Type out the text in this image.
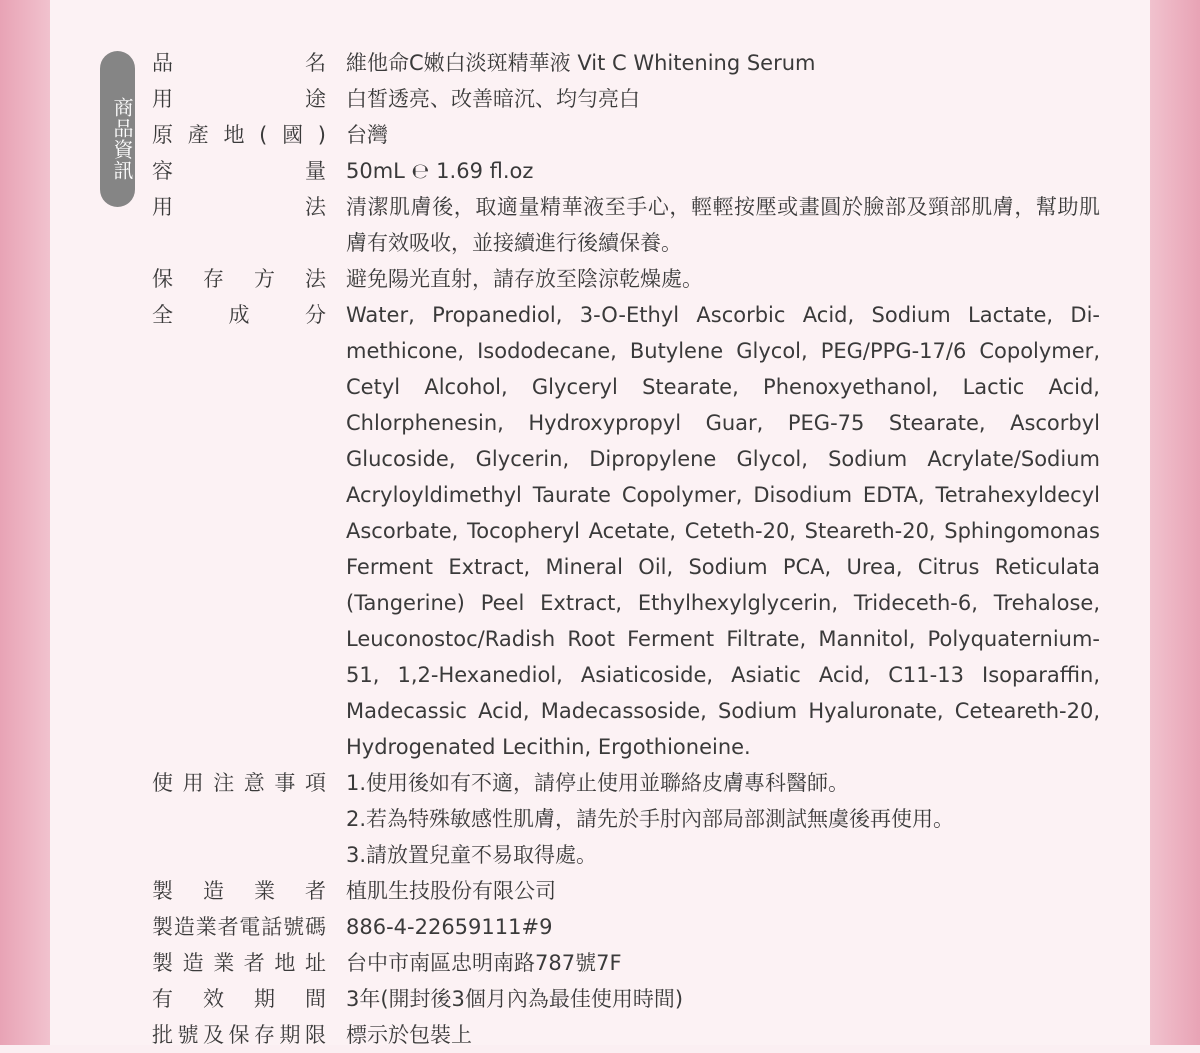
商品資訊
品名 維他命C嫩白淡斑精華液 Vit C Whitening Serum
用途 白皙透亮、改善暗沉、均勻亮白
原產地(國) 台灣
容量 50mL ℮ 1.69 fl.oz
用法 清潔肌膚後，取適量精華液至手心，輕輕按壓或畫圓於臉部及頸部肌膚，幫助肌膚有效吸收，並接續進行後續保養。
保存方法 避免陽光直射，請存放至陰涼乾燥處。
全成分 Water, Propanediol, 3-O-Ethyl Ascorbic Acid, Sodium Lactate, Dimethicone, Isododecane, Butylene Glycol, PEG/PPG-17/6 Copolymer, Cetyl Alcohol, Glyceryl Stearate, Phenoxyethanol, Lactic Acid, Chlorphenesin, Hydroxypropyl Guar, PEG-75 Stearate, Ascorbyl Glucoside, Glycerin, Dipropylene Glycol, Sodium Acrylate/Sodium Acryloyldimethyl Taurate Copolymer, Disodium EDTA, Tetrahexyldecyl Ascorbate, Tocopheryl Acetate, Ceteth-20, Steareth-20, Sphingomonas Ferment Extract, Mineral Oil, Sodium PCA, Urea, Citrus Reticulata (Tangerine) Peel Extract, Ethylhexylglycerin, Trideceth-6, Trehalose, Leuconostoc/Radish Root Ferment Filtrate, Mannitol, Polyquaternium-51, 1,2-Hexanediol, Asiaticoside, Asiatic Acid, C11-13 Isoparaffin, Madecassic Acid, Madecassoside, Sodium Hyaluronate, Ceteareth-20, Hydrogenated Lecithin, Ergothioneine.
使用注意事項 1.使用後如有不適，請停止使用並聯絡皮膚專科醫師。
2.若為特殊敏感性肌膚，請先於手肘內部局部測試無虞後再使用。
3.請放置兒童不易取得處。
製造業者 植肌生技股份有限公司
製造業者電話號碼 886-4-22659111#9
製造業者地址 台中市南區忠明南路787號7F
有效期間 3年(開封後3個月內為最佳使用時間)
批號及保存期限 標示於包裝上
